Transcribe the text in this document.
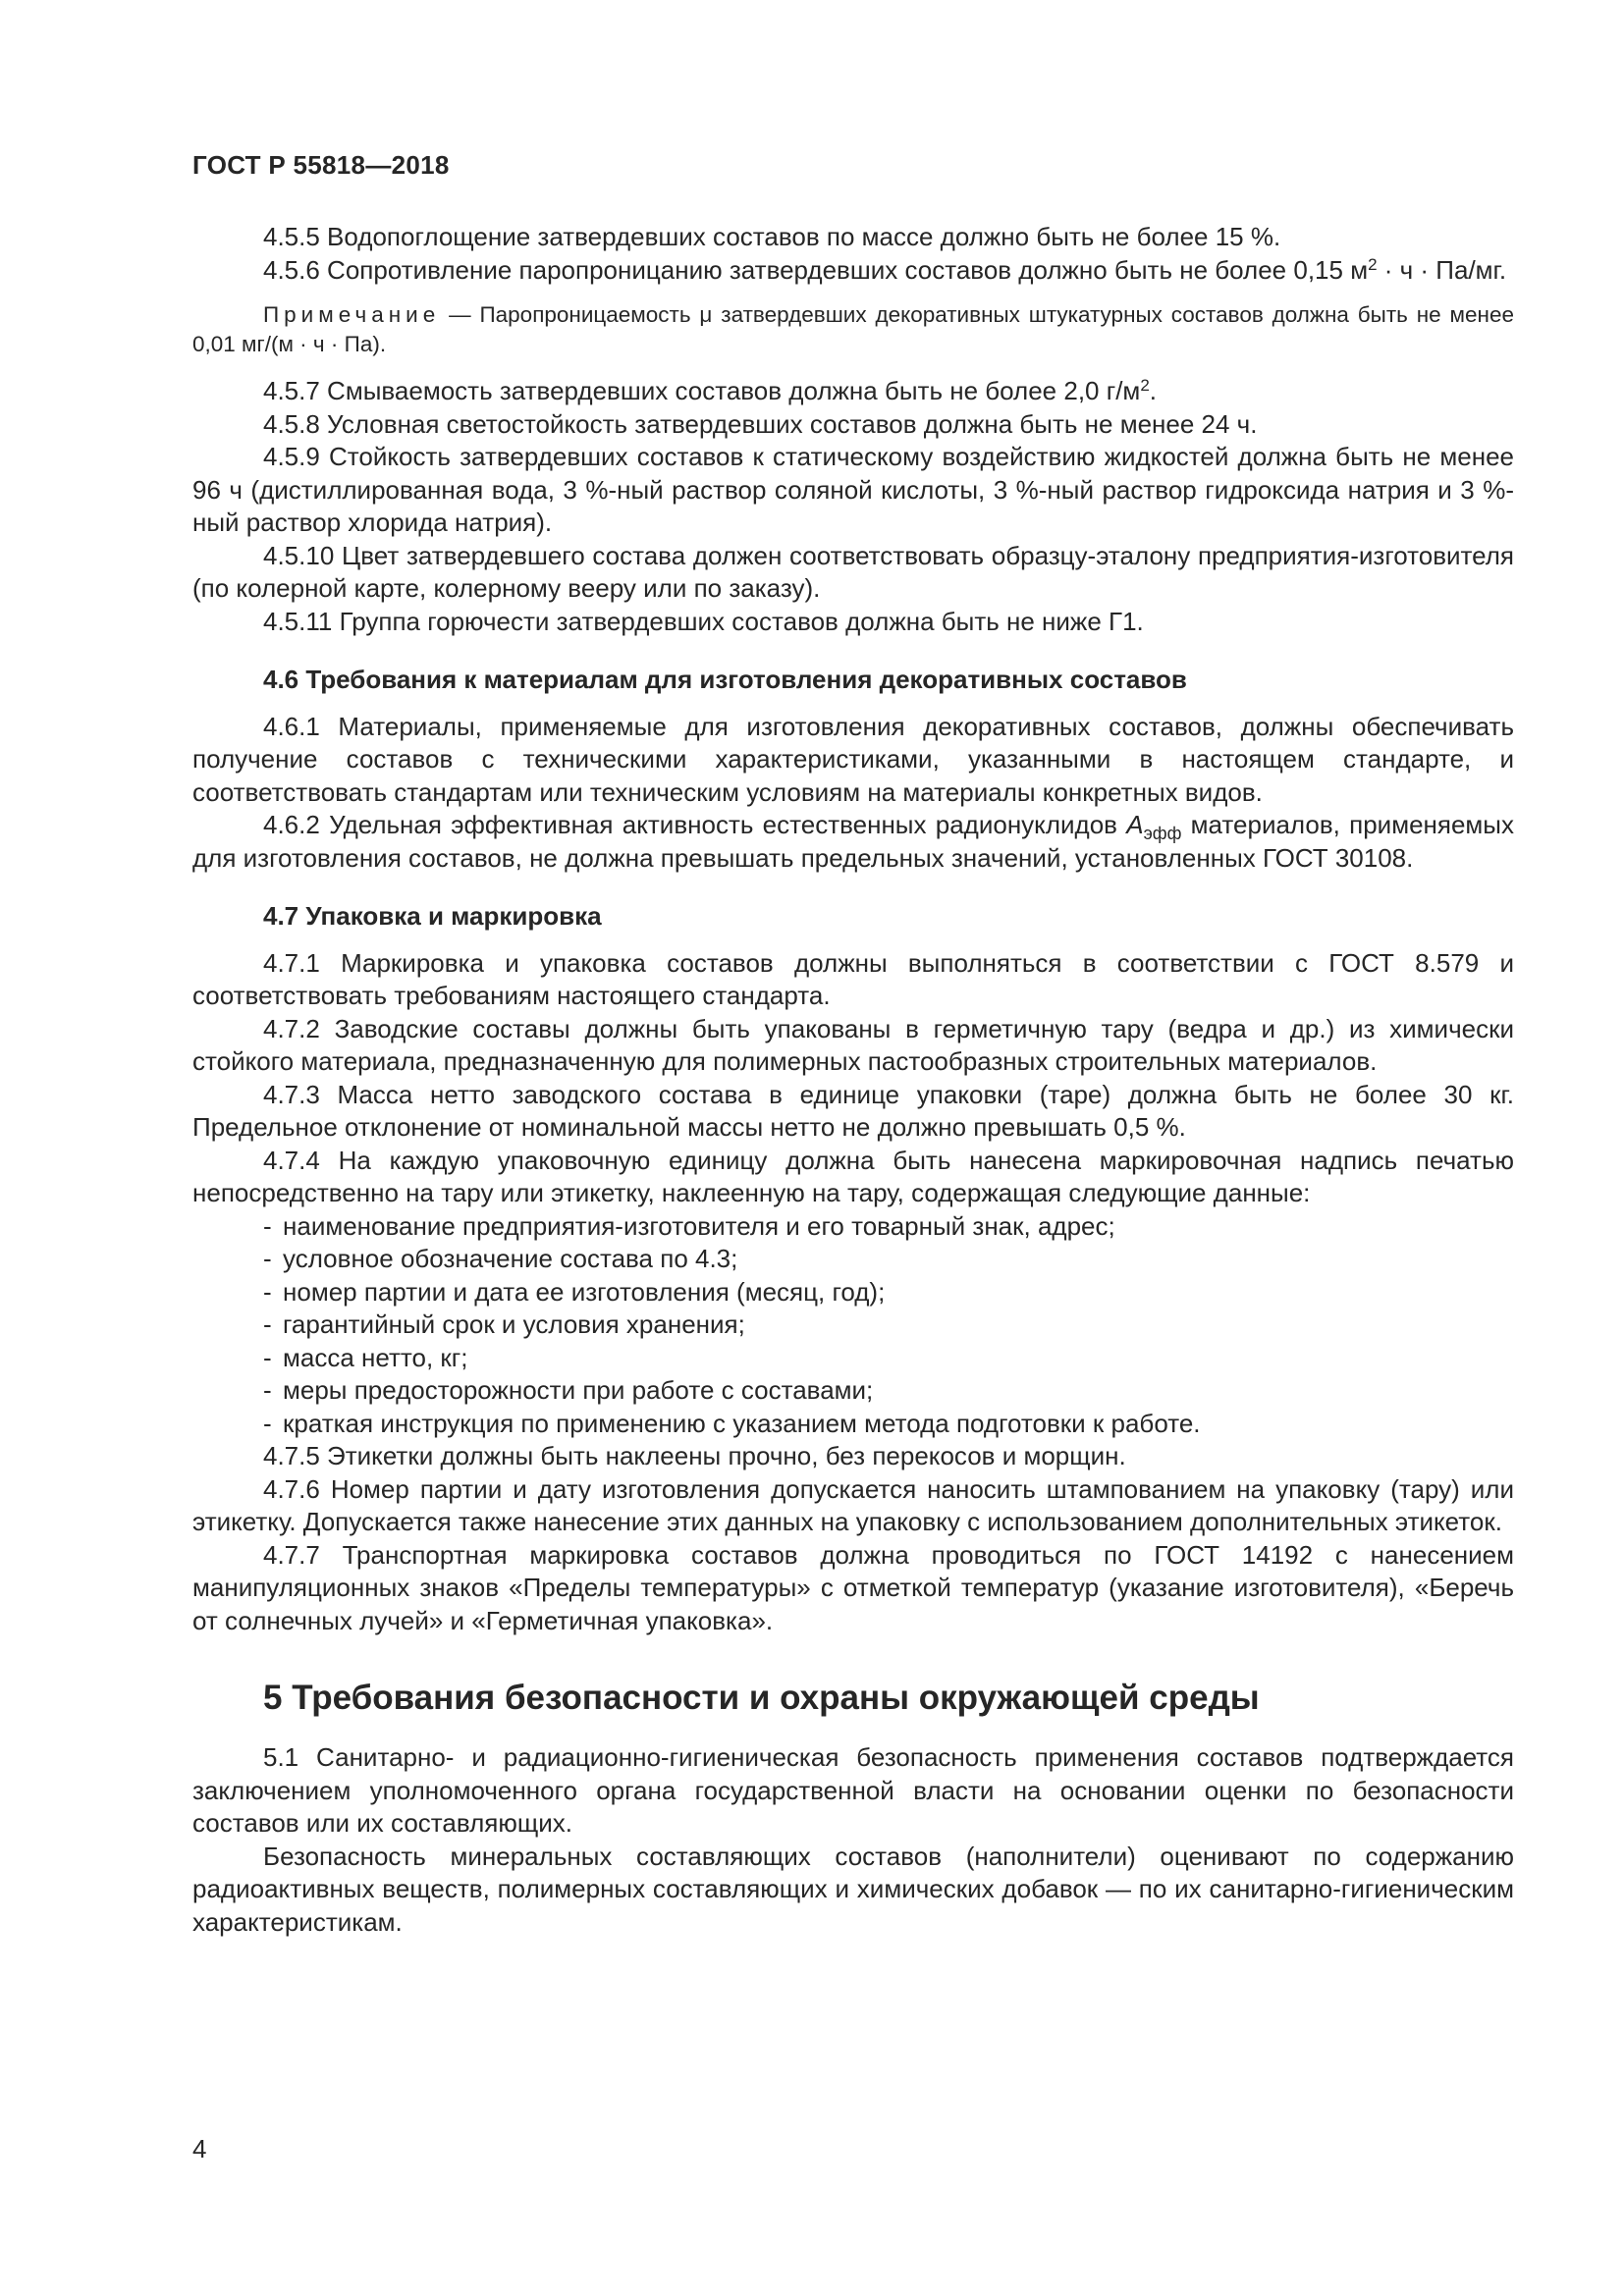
ГОСТ Р 55818—2018

4.5.5 Водопоглощение затвердевших составов по массе должно быть не более 15 %.

4.5.6 Сопротивление паропроницанию затвердевших составов должно быть не более 0,15 $м^2 \cdot ч \cdot Па/мг$.

Примечание — Паропроницаемость μ затвердевших декоративных штукатурных составов должна быть не менее 0,01 мг/(м · ч · Па).

4.5.7 Смываемость затвердевших составов должна быть не более 2,0 $г/м^2$.

4.5.8 Условная светостойкость затвердевших составов должна быть не менее 24 ч.

4.5.9 Стойкость затвердевших составов к статическому воздействию жидкостей должна быть не менее 96 ч (дистиллированная вода, 3 %-ный раствор соляной кислоты, 3 %-ный раствор гидроксида натрия и 3 %-ный раствор хлорида натрия).

4.5.10 Цвет затвердевшего состава должен соответствовать образцу-эталону предприятия-изготовителя (по колерной карте, колерному вееру или по заказу).

4.5.11 Группа горючести затвердевших составов должна быть не ниже Г1.

4.6 Требования к материалам для изготовления декоративных составов

4.6.1 Материалы, применяемые для изготовления декоративных составов, должны обеспечивать получение составов с техническими характеристиками, указанными в настоящем стандарте, и соответствовать стандартам или техническим условиям на материалы конкретных видов.

4.6.2 Удельная эффективная активность естественных радионуклидов $А_{эфф}$ материалов, применяемых для изготовления составов, не должна превышать предельных значений, установленных ГОСТ 30108.

4.7 Упаковка и маркировка

4.7.1 Маркировка и упаковка составов должны выполняться в соответствии с ГОСТ 8.579 и соответствовать требованиям настоящего стандарта.

4.7.2 Заводские составы должны быть упакованы в герметичную тару (ведра и др.) из химически стойкого материала, предназначенную для полимерных пастообразных строительных материалов.

4.7.3 Масса нетто заводского состава в единице упаковки (таре) должна быть не более 30 кг. Предельное отклонение от номинальной массы нетто не должно превышать 0,5 %.

4.7.4 На каждую упаковочную единицу должна быть нанесена маркировочная надпись печатью непосредственно на тару или этикетку, наклеенную на тару, содержащая следующие данные:

- наименование предприятия-изготовителя и его товарный знак, адрес;
- условное обозначение состава по 4.3;
- номер партии и дата ее изготовления (месяц, год);
- гарантийный срок и условия хранения;
- масса нетто, кг;
- меры предосторожности при работе с составами;
- краткая инструкция по применению с указанием метода подготовки к работе.

4.7.5 Этикетки должны быть наклеены прочно, без перекосов и морщин.

4.7.6 Номер партии и дату изготовления допускается наносить штампованием на упаковку (тару) или этикетку. Допускается также нанесение этих данных на упаковку с использованием дополнительных этикеток.

4.7.7 Транспортная маркировка составов должна проводиться по ГОСТ 14192 с нанесением манипуляционных знаков «Пределы температуры» с отметкой температур (указание изготовителя), «Беречь от солнечных лучей» и «Герметичная упаковка».

5 Требования безопасности и охраны окружающей среды

5.1 Санитарно- и радиационно-гигиеническая безопасность применения составов подтверждается заключением уполномоченного органа государственной власти на основании оценки по безопасности составов или их составляющих.

Безопасность минеральных составляющих составов (наполнители) оценивают по содержанию радиоактивных веществ, полимерных составляющих и химических добавок — по их санитарно-гигиеническим характеристикам.

4
